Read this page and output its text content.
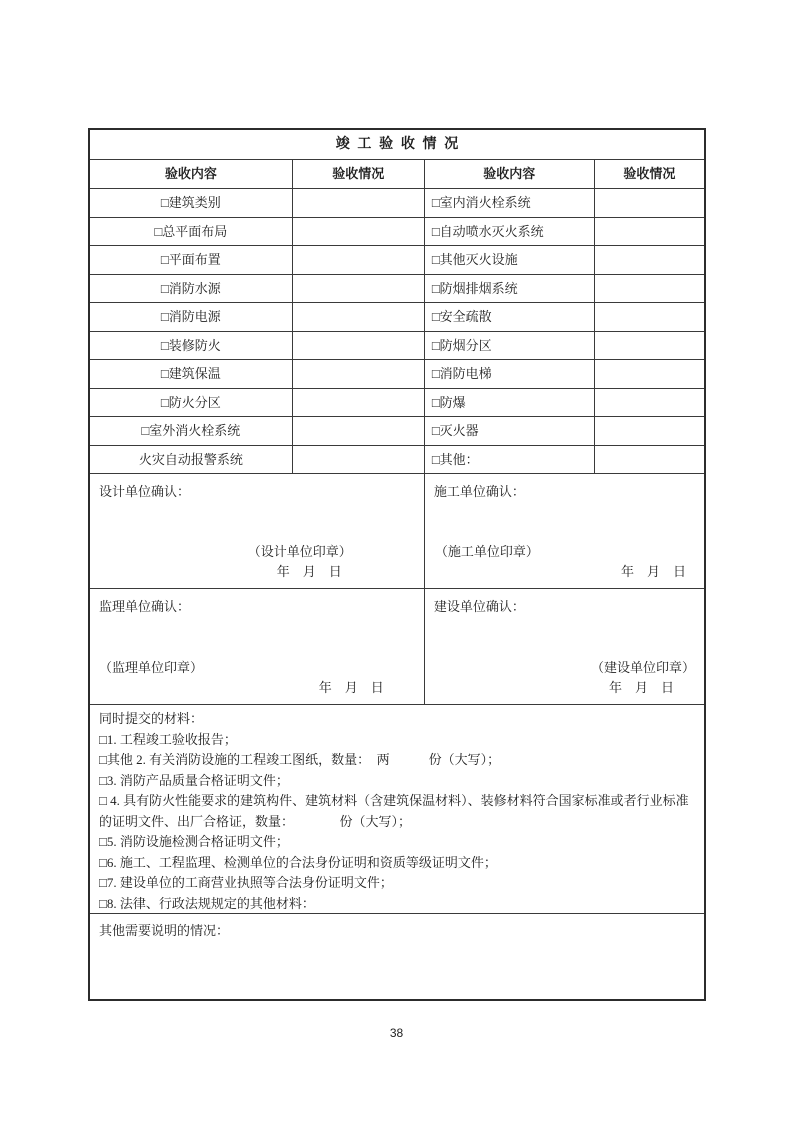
竣工验收情况
验收内容	验收情况	验收内容	验收情况
□建筑类别	□室内消火栓系统
□总平面布局	□自动喷水灭火系统
□平面布置	□其他灭火设施
□消防水源	□防烟排烟系统
□消防电源	□安全疏散
□装修防火	□防烟分区
□建筑保温	□消防电梯
□防火分区	□防爆
□室外消火栓系统	□灭火器
火灾自动报警系统	□其他：
设计单位确认：
（设计单位印章）
年　月　日
施工单位确认：
（施工单位印章）
年　月　日
监理单位确认：
（监理单位印章）
年　月　日
建设单位确认：
（建设单位印章）
年　月　日
同时提交的材料：
□1. 工程竣工验收报告；
□其他 2. 有关消防设施的工程竣工图纸，数量：　两　　　份（大写）；
□3. 消防产品质量合格证明文件；
□ 4. 具有防火性能要求的建筑构件、建筑材料（含建筑保温材料）、装修材料符合国家标准或者行业标准的证明文件、出厂合格证，数量：　　　　份（大写）；
□5. 消防设施检测合格证明文件；
□6. 施工、工程监理、检测单位的合法身份证明和资质等级证明文件；
□7. 建设单位的工商营业执照等合法身份证明文件；
□8. 法律、行政法规规定的其他材料：
其他需要说明的情况：
38
